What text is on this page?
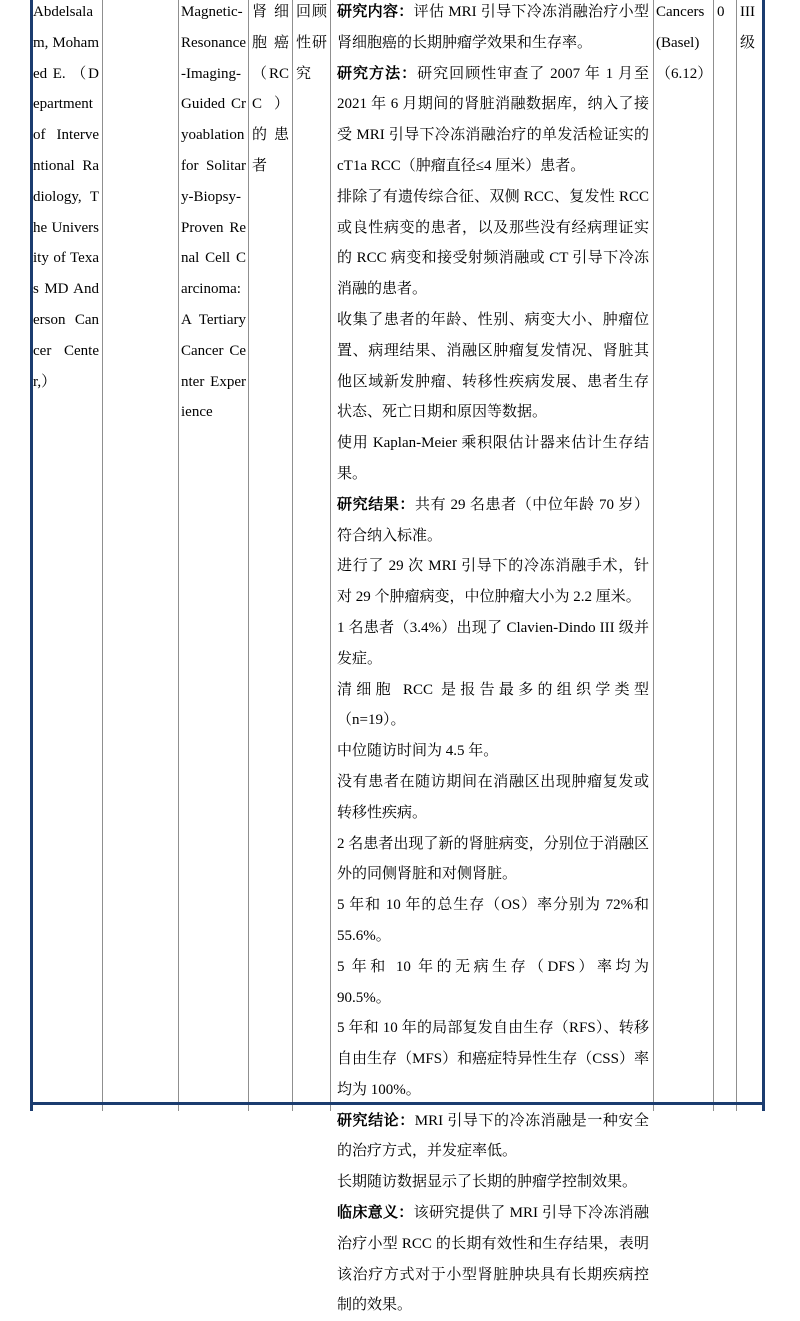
Abdelsalam, Mohamed E. （Department of Interventional Radiology, The University of Texas MD Anderson Cancer Center,）
Magnetic-Resonance-Imaging-Guided Cryoablation for Solitary-Biopsy-Proven Renal Cell Carcinoma: A Tertiary Cancer Center Experience
肾细胞癌（RCC）的患者
回顾性研究

研究内容：评估 MRI 引导下冷冻消融治疗小型肾细胞癌的长期肿瘤学效果和生存率。

研究方法：研究回顾性审查了 2007 年 1 月至 2021 年 6 月期间的肾脏消融数据库，纳入了接受 MRI 引导下冷冻消融治疗的单发活检证实的 cT1a RCC（肿瘤直径≤4 厘米）患者。

排除了有遗传综合征、双侧 RCC、复发性 RCC 或良性病变的患者，以及那些没有经病理证实的 RCC 病变和接受射频消融或 CT 引导下冷冻消融的患者。

收集了患者的年龄、性别、病变大小、肿瘤位置、病理结果、消融区肿瘤复发情况、肾脏其他区域新发肿瘤、转移性疾病发展、患者生存状态、死亡日期和原因等数据。

使用 Kaplan-Meier 乘积限估计器来估计生存结果。

研究结果：共有 29 名患者（中位年龄 70 岁）符合纳入标准。

进行了 29 次 MRI 引导下的冷冻消融手术，针对 29 个肿瘤病变，中位肿瘤大小为 2.2 厘米。

1 名患者（3.4%）出现了 Clavien-Dindo III 级并发症。

清细胞 RCC 是报告最多的组织学类型（n=19）。

中位随访时间为 4.5 年。

没有患者在随访期间在消融区出现肿瘤复发或转移性疾病。

2 名患者出现了新的肾脏病变，分别位于消融区外的同侧肾脏和对侧肾脏。

5 年和 10 年的总生存（OS）率分别为 72%和 55.6%。

5 年和 10 年的无病生存（DFS）率均为 90.5%。

5 年和 10 年的局部复发自由生存（RFS）、转移自由生存（MFS）和癌症特异性生存（CSS）率均为 100%。

研究结论：MRI 引导下的冷冻消融是一种安全的治疗方式，并发症率低。

长期随访数据显示了长期的肿瘤学控制效果。

临床意义：该研究提供了 MRI 引导下冷冻消融治疗小型 RCC 的长期有效性和生存结果，表明该治疗方式对于小型肾脏肿块具有长期疾病控制的效果。

Cancers (Basel) （6.12）
0	III 级
